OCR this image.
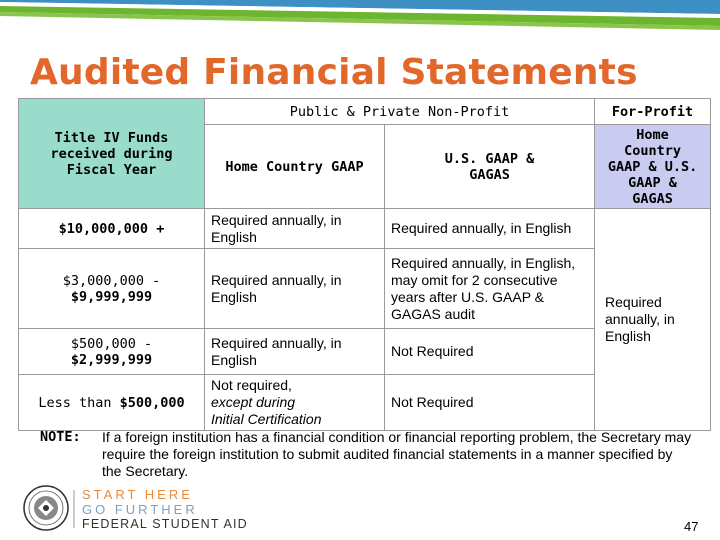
Audited Financial Statements
Title IV Funds received during Fiscal Year	Public & Private Non-Profit		For-Profit
	Home Country GAAP	U.S. GAAP & GAGAS	Home Country GAAP & U.S. GAAP & GAGAS
$10,000,000 +	Required annually, in English	Required annually, in English	Required annually, in English
$3,000,000 -
$9,999,999	Required annually, in English	Required annually, in English, may omit for 2 consecutive years after U.S. GAAP & GAGAS audit	
$500,000 -
$2,999,999	Required annually, in English	Not Required	
Less than $500,000	Not required,
except during
Initial Certification	Not Required	
NOTE: If a foreign institution has a financial condition or financial reporting problem, the Secretary may require the foreign institution to submit audited financial statements in a manner specified by the Secretary.
START HERE
GO FURTHER
FEDERAL STUDENT AID	47
